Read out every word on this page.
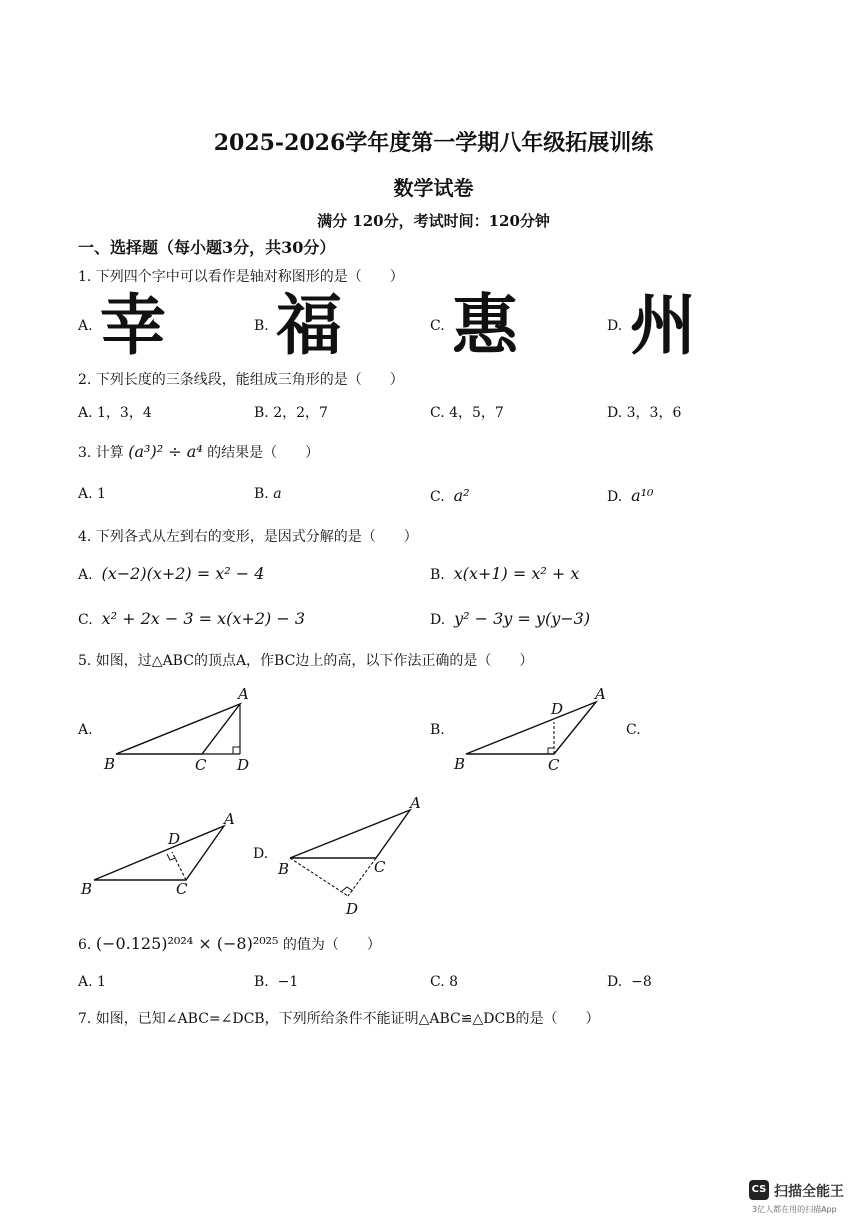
2025-2026学年度第一学期八年级拓展训练
数学试卷
满分 120分，考试时间：120分钟
一、选择题（每小题3分，共30分）
1. 下列四个字中可以看作是轴对称图形的是（　　）
A. 幸	B. 福	C. 惠	D. 州
2. 下列长度的三条线段，能组成三角形的是（　　）
A. 1，3，4	B. 2，2，7	C. 4，5，7	D. 3，3，6
3. 计算 (a³)² ÷ a⁴ 的结果是（　　）
A. 1	B. a	C. a²	D. a¹⁰
4. 下列各式从左到右的变形，是因式分解的是（　　）
A. (x−2)(x+2) = x² − 4	B. x(x+1) = x² + x
C. x² + 2x − 3 = x(x+2) − 3	D. y² − 3y = y(y−3)
5. 如图，过△ABC的顶点A，作BC边上的高，以下作法正确的是（　　）
A.	B.	C.
D.
A
B	C D
A
B	C
D
A
B	C
D
A
B	C
D
6. (−0.125)²⁰²⁴ × (−8)²⁰²⁵ 的值为（　　）
A. 1	B. −1	C. 8	D. −8
7. 如图，已知∠ABC=∠DCB，下列所给条件不能证明△ABC≌△DCB的是（　　）
CS 扫描全能王
3亿人都在用的扫描App
